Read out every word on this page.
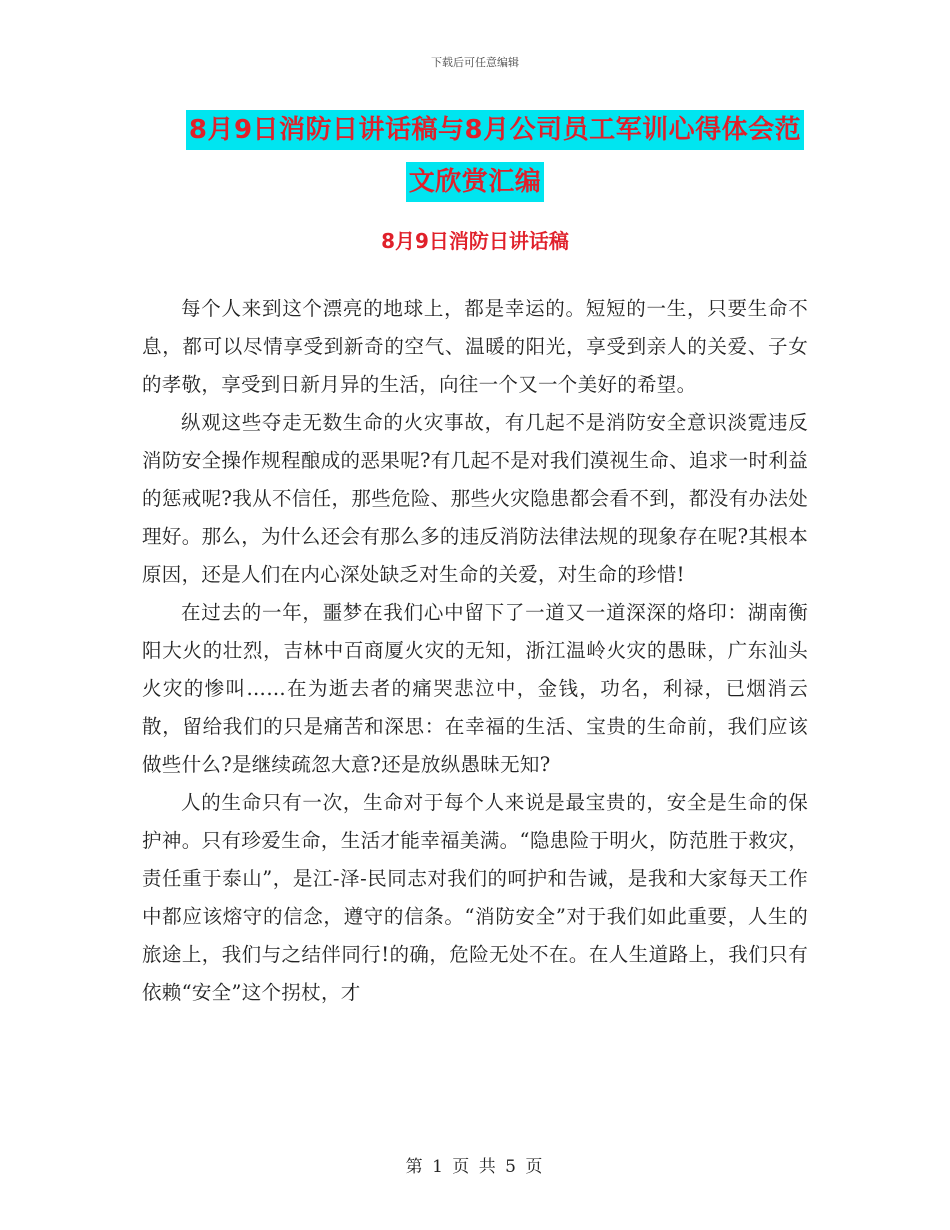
下载后可任意编辑
8月9日消防日讲话稿与8月公司员工军训心得体会范
文欣赏汇编
8月9日消防日讲话稿

每个人来到这个漂亮的地球上，都是幸运的。短短的一生，只要生命不息，都可以尽情享受到新奇的空气、温暖的阳光，享受到亲人的关爱、子女的孝敬，享受到日新月异的生活，向往一个又一个美好的希望。

纵观这些夺走无数生命的火灾事故，有几起不是消防安全意识淡霓违反消防安全操作规程酿成的恶果呢?有几起不是对我们漠视生命、追求一时利益的惩戒呢?我从不信任，那些危险、那些火灾隐患都会看不到，都没有办法处理好。那么，为什么还会有那么多的违反消防法律法规的现象存在呢?其根本原因，还是人们在内心深处缺乏对生命的关爱，对生命的珍惜!

在过去的一年，噩梦在我们心中留下了一道又一道深深的烙印：湖南衡阳大火的壮烈，吉林中百商厦火灾的无知，浙江温岭火灾的愚昧，广东汕头火灾的惨叫……在为逝去者的痛哭悲泣中，金钱，功名，利禄，已烟消云散，留给我们的只是痛苦和深思：在幸福的生活、宝贵的生命前，我们应该做些什么?是继续疏忽大意?还是放纵愚昧无知?

人的生命只有一次，生命对于每个人来说是最宝贵的，安全是生命的保护神。只有珍爱生命，生活才能幸福美满。“隐患险于明火，防范胜于救灾，责任重于泰山”，是江-泽-民同志对我们的呵护和告诫，是我和大家每天工作中都应该熔守的信念，遵守的信条。“消防安全”对于我们如此重要，人生的旅途上，我们与之结伴同行!的确，危险无处不在。在人生道路上，我们只有依赖“安全”这个拐杖，才

第 1 页 共 5 页
